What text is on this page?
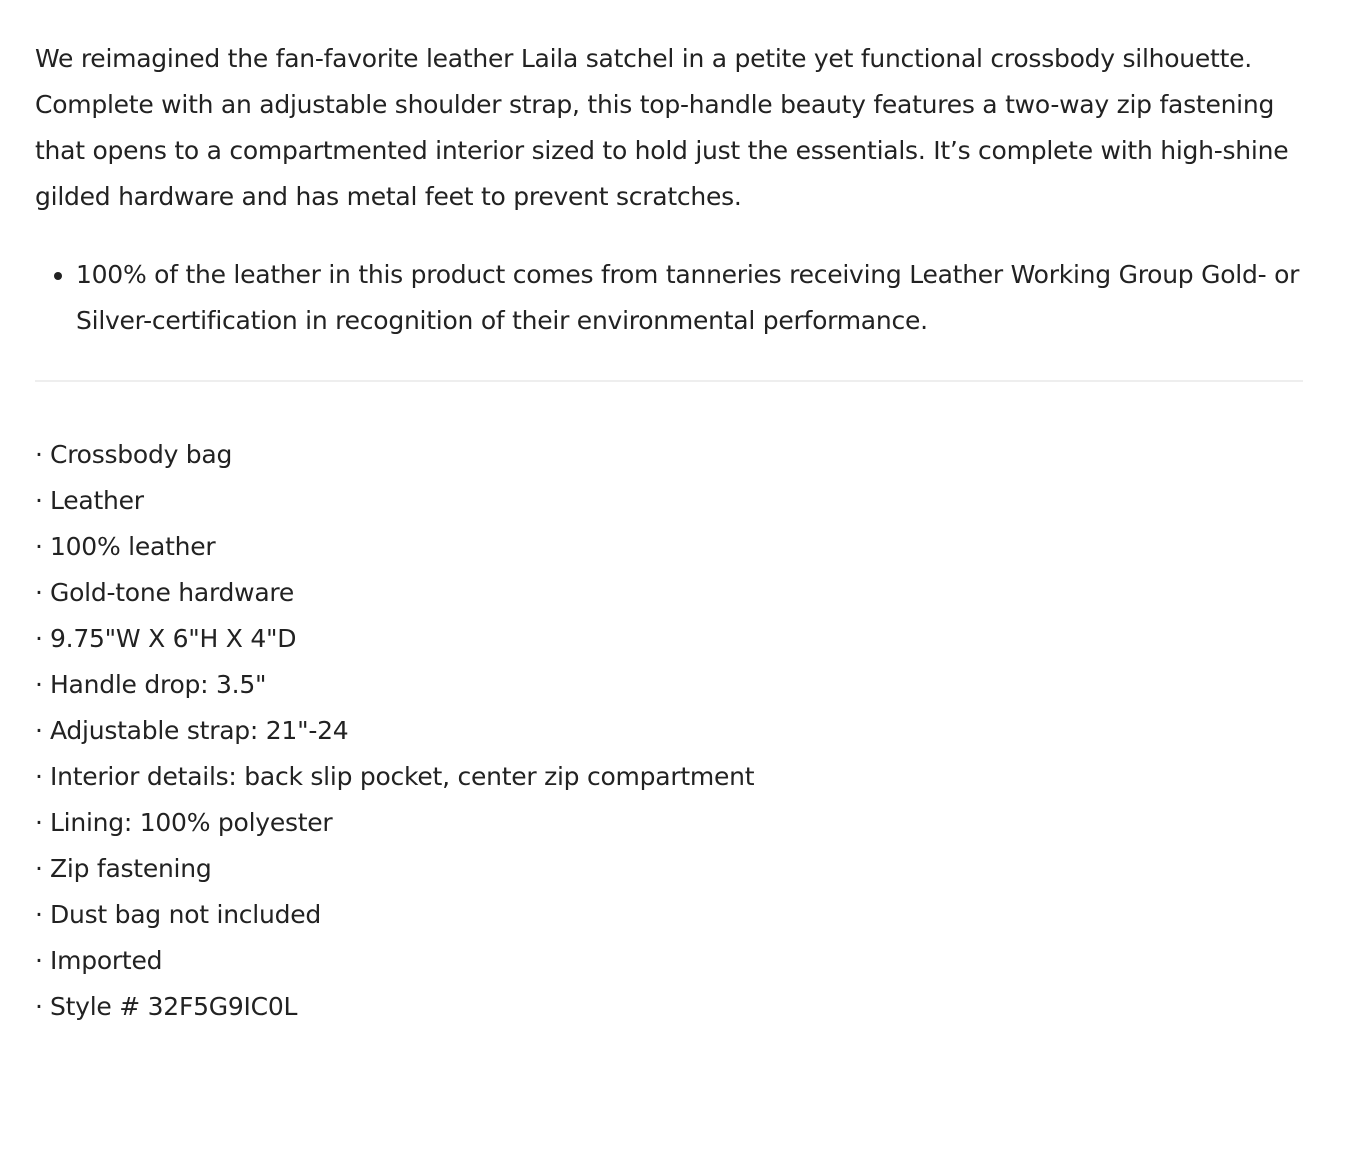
We reimagined the fan-favorite leather Laila satchel in a petite yet functional crossbody silhouette. Complete with an adjustable shoulder strap, this top-handle beauty features a two-way zip fastening that opens to a compartmented interior sized to hold just the essentials. It’s complete with high-shine gilded hardware and has metal feet to prevent scratches.

• 100% of the leather in this product comes from tanneries receiving Leather Working Group Gold- or Silver-certification in recognition of their environmental performance.
· Crossbody bag
· Leather
· 100% leather
· Gold-tone hardware
· 9.75"W X 6"H X 4"D
· Handle drop: 3.5"
· Adjustable strap: 21"-24
· Interior details: back slip pocket, center zip compartment
· Lining: 100% polyester
· Zip fastening
· Dust bag not included
· Imported
· Style # 32F5G9IC0L
